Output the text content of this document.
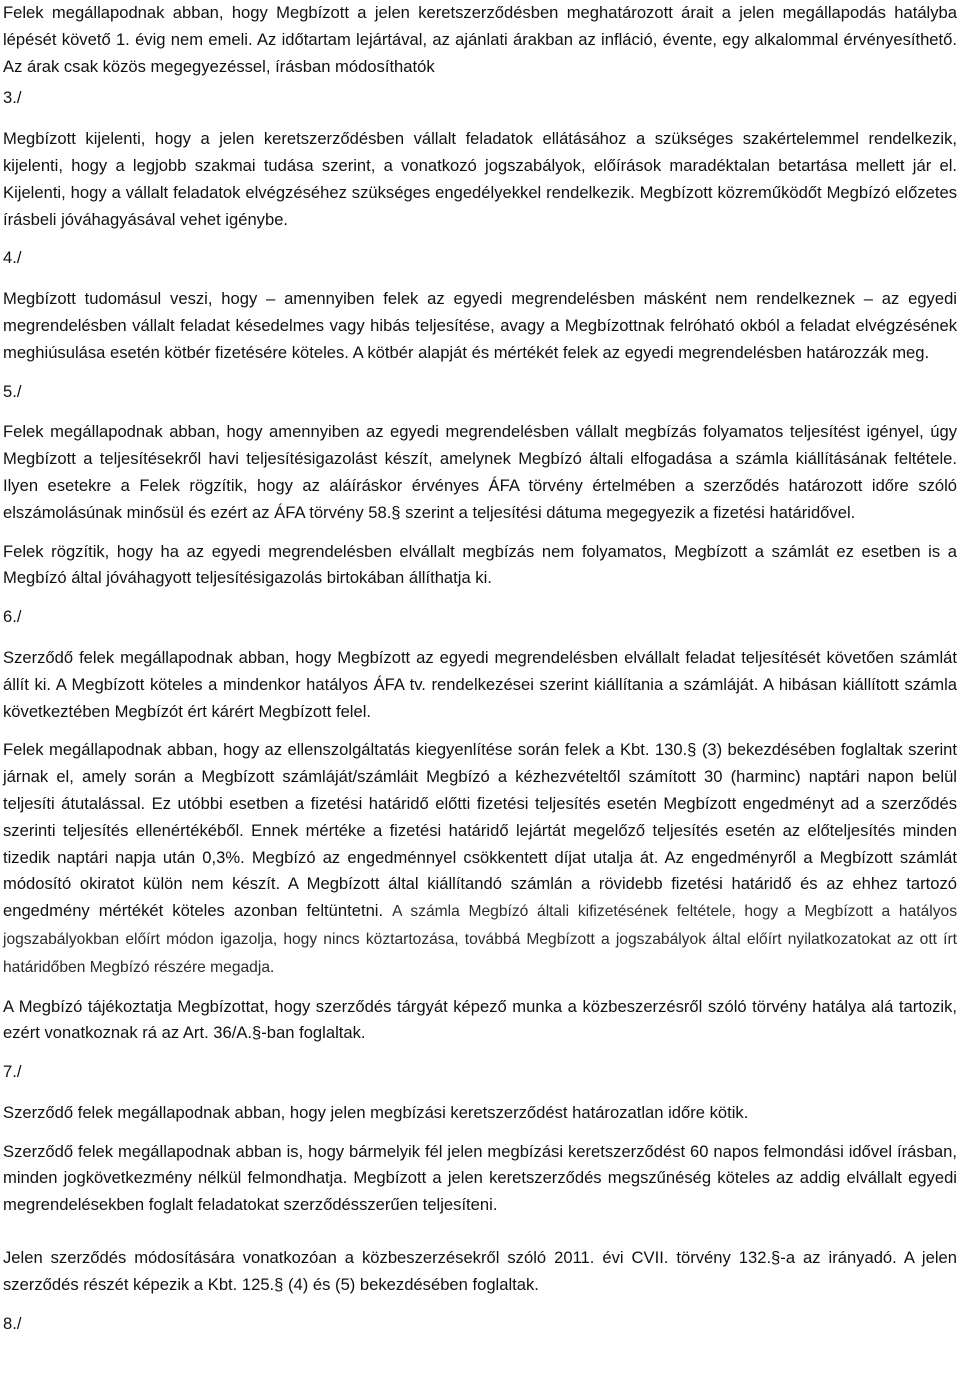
Felek megállapodnak abban, hogy Megbízott a jelen keretszerződésben meghatározott árait a jelen megállapodás hatályba lépését követő 1. évig nem emeli. Az időtartam lejártával, az ajánlati árakban az infláció, évente, egy alkalommal érvényesíthető. Az árak csak közös megegyezéssel, írásban módosíthatók

3./

Megbízott kijelenti, hogy a jelen keretszerződésben vállalt feladatok ellátásához a szükséges szakértelemmel rendelkezik, kijelenti, hogy a legjobb szakmai tudása szerint, a vonatkozó jogszabályok, előírások maradéktalan betartása mellett jár el. Kijelenti, hogy a vállalt feladatok elvégzéséhez szükséges engedélyekkel rendelkezik. Megbízott közreműködőt Megbízó előzetes írásbeli jóváhagyásával vehet igénybe.

4./

Megbízott tudomásul veszi, hogy – amennyiben felek az egyedi megrendelésben másként nem rendelkeznek – az egyedi megrendelésben vállalt feladat késedelmes vagy hibás teljesítése, avagy a Megbízottnak felróható okból a feladat elvégzésének meghiúsulása esetén kötbér fizetésére köteles. A kötbér alapját és mértékét felek az egyedi megrendelésben határozzák meg.

5./

Felek megállapodnak abban, hogy amennyiben az egyedi megrendelésben vállalt megbízás folyamatos teljesítést igényel, úgy Megbízott a teljesítésekről havi teljesítésigazolást készít, amelynek Megbízó általi elfogadása a számla kiállításának feltétele. Ilyen esetekre a Felek rögzítik, hogy az aláíráskor érvényes ÁFA törvény értelmében a szerződés határozott időre szóló elszámolásúnak minősül és ezért az ÁFA törvény 58.§ szerint a teljesítési dátuma megegyezik a fizetési határidővel.

Felek rögzítik, hogy ha az egyedi megrendelésben elvállalt megbízás nem folyamatos, Megbízott a számlát ez esetben is a Megbízó által jóváhagyott teljesítésigazolás birtokában állíthatja ki.

6./

Szerződő felek megállapodnak abban, hogy Megbízott az egyedi megrendelésben elvállalt feladat teljesítését követően számlát állít ki. A Megbízott köteles a mindenkor hatályos ÁFA tv. rendelkezései szerint kiállítania a számláját. A hibásan kiállított számla következtében Megbízót ért kárért Megbízott felel.

Felek megállapodnak abban, hogy az ellenszolgáltatás kiegyenlítése során felek a Kbt. 130.§ (3) bekezdésében foglaltak szerint járnak el, amely során a Megbízott számláját/számláit Megbízó a kézhezvételtől számított 30 (harminc) naptári napon belül teljesíti átutalással. Ez utóbbi esetben a fizetési határidő előtti fizetési teljesítés esetén Megbízott engedményt ad a szerződés szerinti teljesítés ellenértékéből. Ennek mértéke a fizetési határidő lejártát megelőző teljesítés esetén az előteljesítés minden tizedik naptári napja után 0,3%. Megbízó az engedménnyel csökkentett díjat utalja át. Az engedményről a Megbízott számlát módosító okiratot külön nem készít. A Megbízott által kiállítandó számlán a rövidebb fizetési határidő és az ehhez tartozó engedmény mértékét köteles azonban feltüntetni. A számla Megbízó általi kifizetésének feltétele, hogy a Megbízott a hatályos jogszabályokban előírt módon igazolja, hogy nincs köztartozása, továbbá Megbízott a jogszabályok által előírt nyilatkozatokat az ott írt határidőben Megbízó részére megadja.

A Megbízó tájékoztatja Megbízottat, hogy szerződés tárgyát képező munka a közbeszerzésről szóló törvény hatálya alá tartozik, ezért vonatkoznak rá az Art. 36/A.§-ban foglaltak.

7./

Szerződő felek megállapodnak abban, hogy jelen megbízási keretszerződést határozatlan időre kötik.

Szerződő felek megállapodnak abban is, hogy bármelyik fél jelen megbízási keretszerződést 60 napos felmondási idővel írásban, minden jogkövetkezmény nélkül felmondhatja. Megbízott a jelen keretszerződés megszűnéség köteles az addig elvállalt egyedi megrendelésekben foglalt feladatokat szerződésszerűen teljesíteni.

Jelen szerződés módosítására vonatkozóan a közbeszerzésekről szóló 2011. évi CVII. törvény 132.§-a az irányadó. A jelen szerződés részét képezik a Kbt. 125.§ (4) és (5) bekezdésében foglaltak.

8./
